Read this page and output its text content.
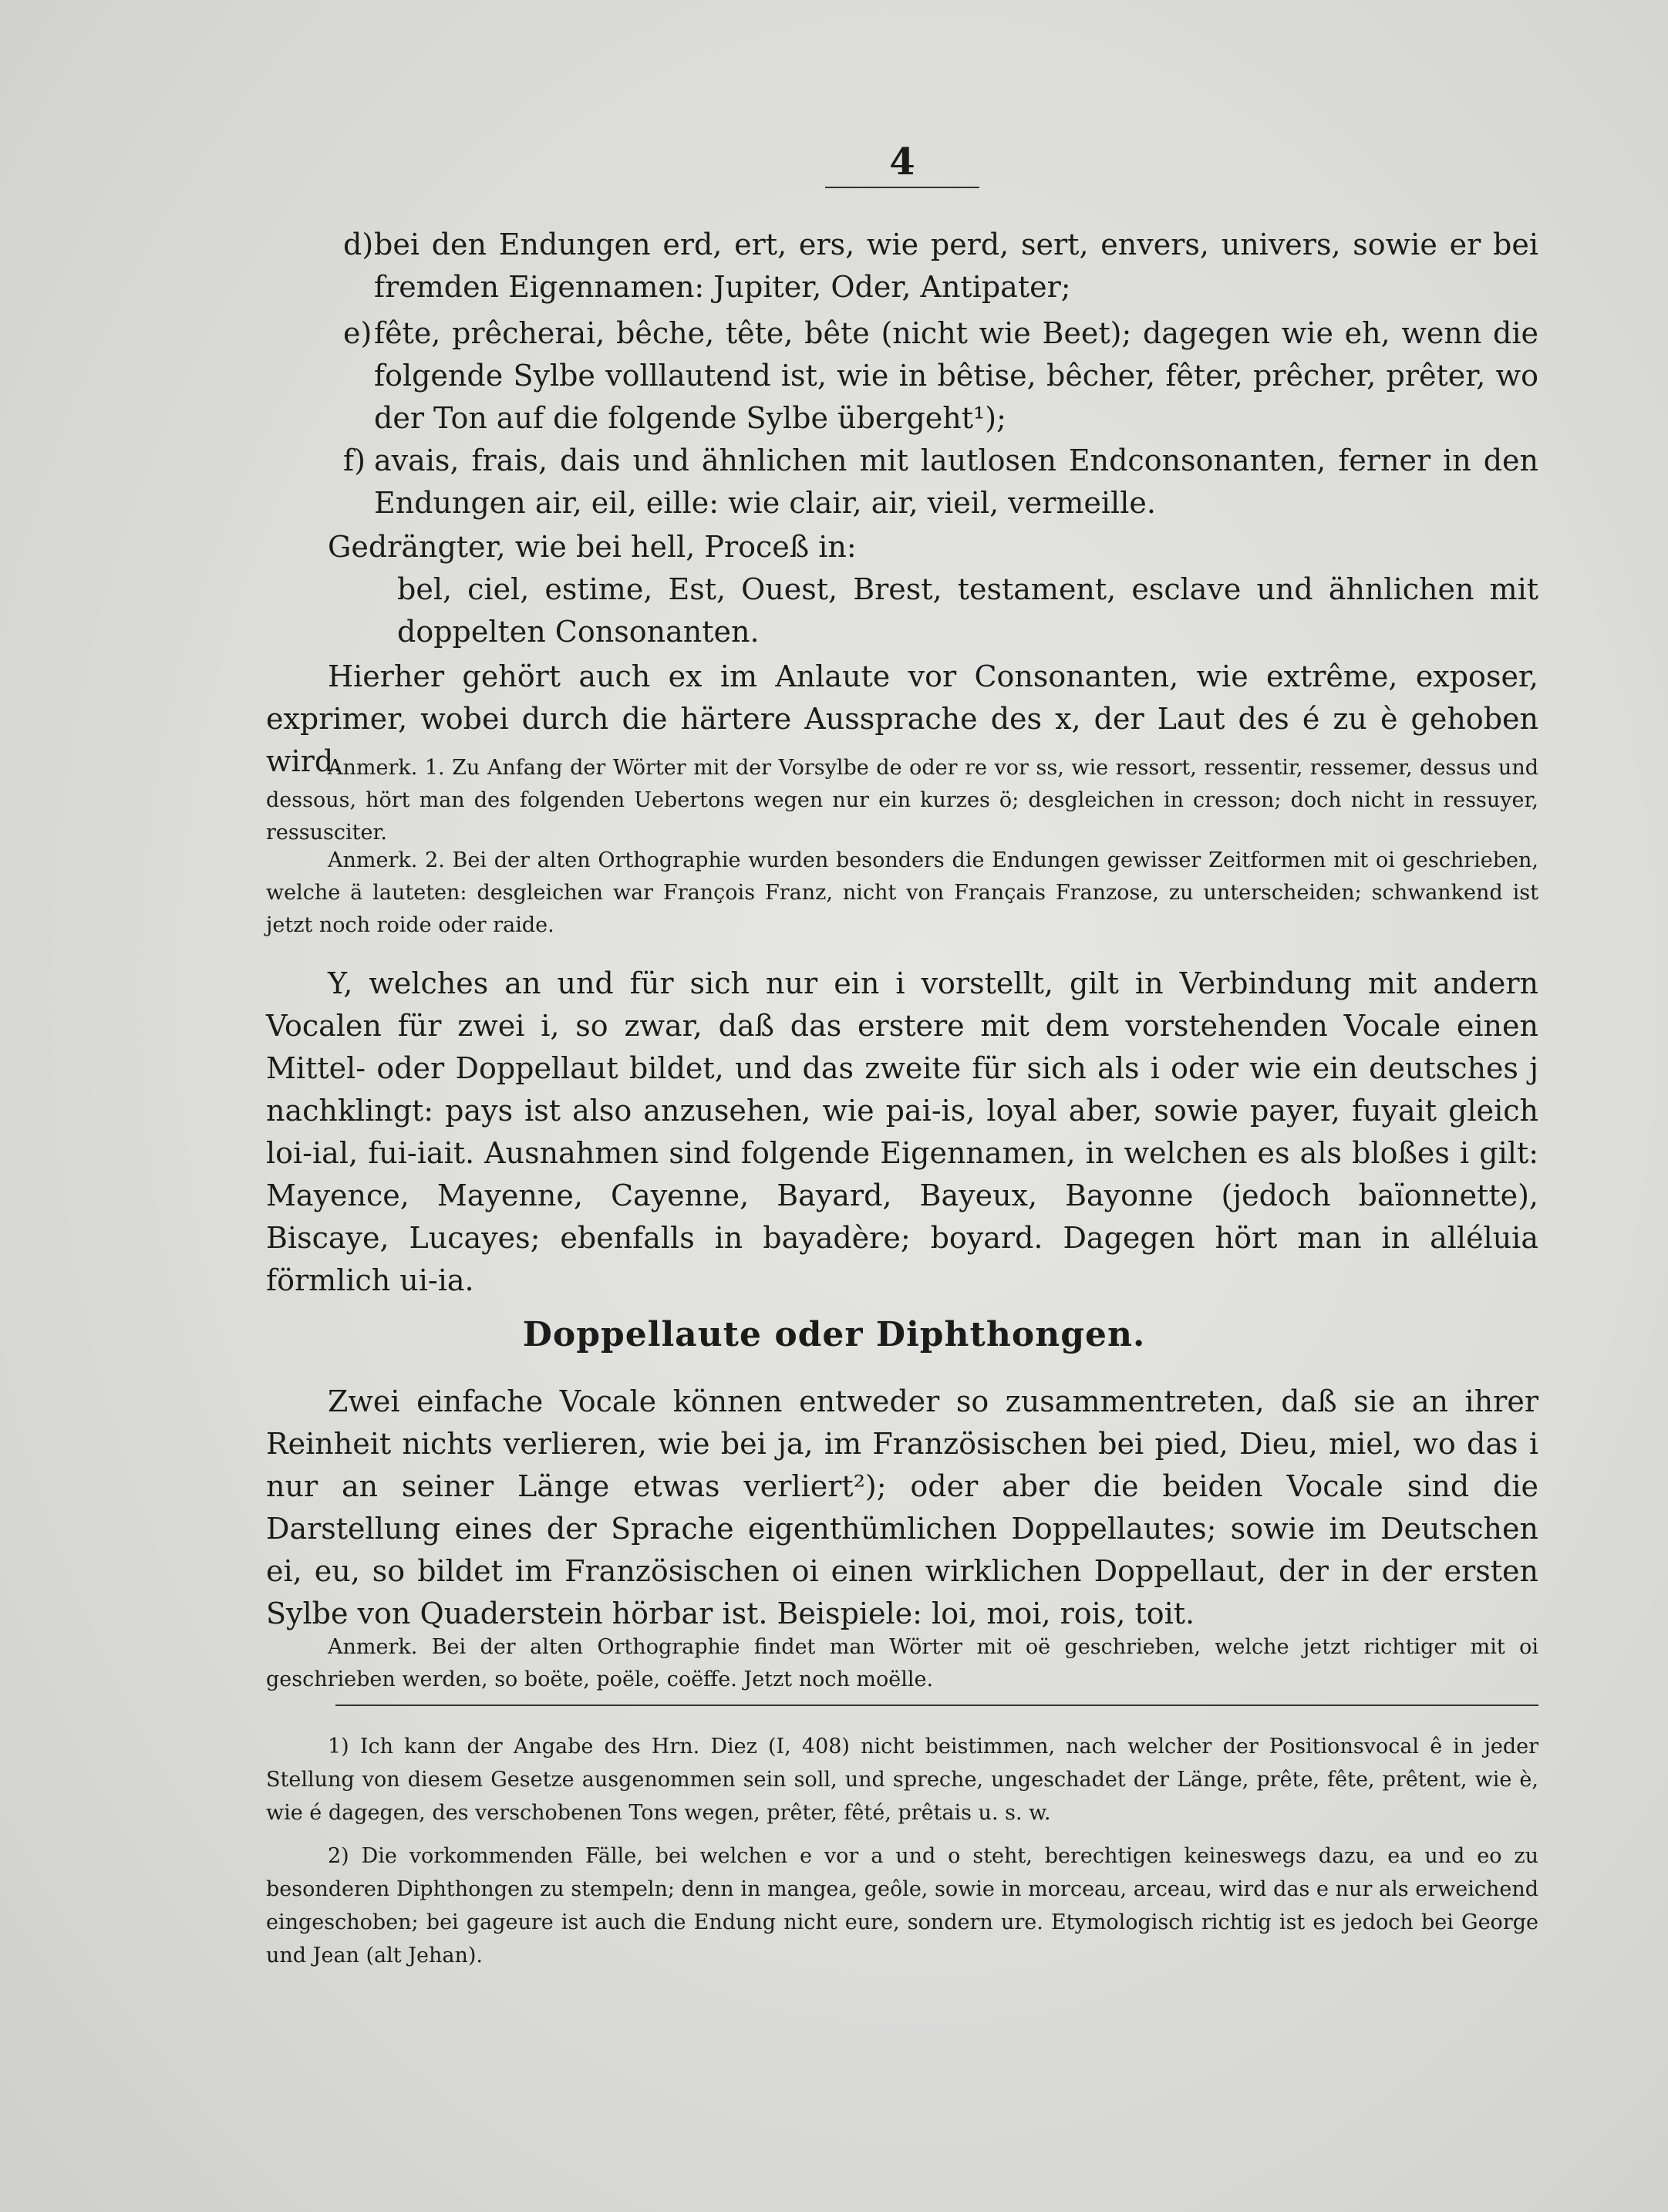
4
d) bei den Endungen erd, ert, ers, wie perd, sert, envers, univers, sowie er bei fremden Eigennamen: Jupiter, Oder, Antipater;
e) fête, prêcherai, bêche, tête, bête (nicht wie Beet); dagegen wie eh, wenn die folgende Sylbe volllautend ist, wie in bêtise, bêcher, fêter, prêcher, prêter, wo der Ton auf die folgende Sylbe übergeht¹);
f) avais, frais, dais und ähnlichen mit lautlosen Endconsonanten, ferner in den Endungen air, eil, eille: wie clair, air, vieil, vermeille.
Gedrängter, wie bei hell, Proceß in:
bel, ciel, estime, Est, Ouest, Brest, testament, esclave und ähnlichen mit doppelten Consonanten.
Hierher gehört auch ex im Anlaute vor Consonanten, wie extrême, exposer, exprimer, wobei durch die härtere Aussprache des x, der Laut des é zu è gehoben wird.
Anmerk. 1. Zu Anfang der Wörter mit der Vorsylbe de oder re vor ss, wie ressort, ressentir, ressemer, dessus und dessous, hört man des folgenden Uebertons wegen nur ein kurzes ö; desgleichen in cresson; doch nicht in ressuyer, ressusciter.
Anmerk. 2. Bei der alten Orthographie wurden besonders die Endungen gewisser Zeitformen mit oi geschrieben, welche ä lauteten: desgleichen war François Franz, nicht von Français Franzose, zu unterscheiden; schwankend ist jetzt noch roide oder raide.
Y, welches an und für sich nur ein i vorstellt, gilt in Verbindung mit andern Vocalen für zwei i, so zwar, daß das erstere mit dem vorstehenden Vocale einen Mittel- oder Doppellaut bildet, und das zweite für sich als i oder wie ein deutsches j nachklingt: pays ist also anzusehen, wie pai-is, loyal aber, sowie payer, fuyait gleich loi-ial, fui-iait. Ausnahmen sind folgende Eigennamen, in welchen es als bloßes i gilt: Mayence, Mayenne, Cayenne, Bayard, Bayeux, Bayonne (jedoch baïonnette), Biscaye, Lucayes; ebenfalls in bayadère; boyard. Dagegen hört man in alléluia förmlich ui-ia.
Doppellaute oder Diphthongen.
Zwei einfache Vocale können entweder so zusammentreten, daß sie an ihrer Reinheit nichts verlieren, wie bei ja, im Französischen bei pied, Dieu, miel, wo das i nur an seiner Länge etwas verliert²); oder aber die beiden Vocale sind die Darstellung eines der Sprache eigenthümlichen Doppellautes; sowie im Deutschen ei, eu, so bildet im Französischen oi einen wirklichen Doppellaut, der in der ersten Sylbe von Quaderstein hörbar ist. Beispiele: loi, moi, rois, toit.
Anmerk. Bei der alten Orthographie findet man Wörter mit oë geschrieben, welche jetzt richtiger mit oi geschrieben werden, so boëte, poële, coëffe. Jetzt noch moëlle.
1) Ich kann der Angabe des Hrn. Diez (I, 408) nicht beistimmen, nach welcher der Positionsvocal ê in jeder Stellung von diesem Gesetze ausgenommen sein soll, und spreche, ungeschadet der Länge, prête, fête, prêtent, wie è, wie é dagegen, des verschobenen Tons wegen, prêter, fêté, prêtais u. s. w.
2) Die vorkommenden Fälle, bei welchen e vor a und o steht, berechtigen keineswegs dazu, ea und eo zu besonderen Diphthongen zu stempeln; denn in mangea, geôle, sowie in morceau, arceau, wird das e nur als erweichend eingeschoben; bei gageure ist auch die Endung nicht eure, sondern ure. Etymologisch richtig ist es jedoch bei George und Jean (alt Jehan).
